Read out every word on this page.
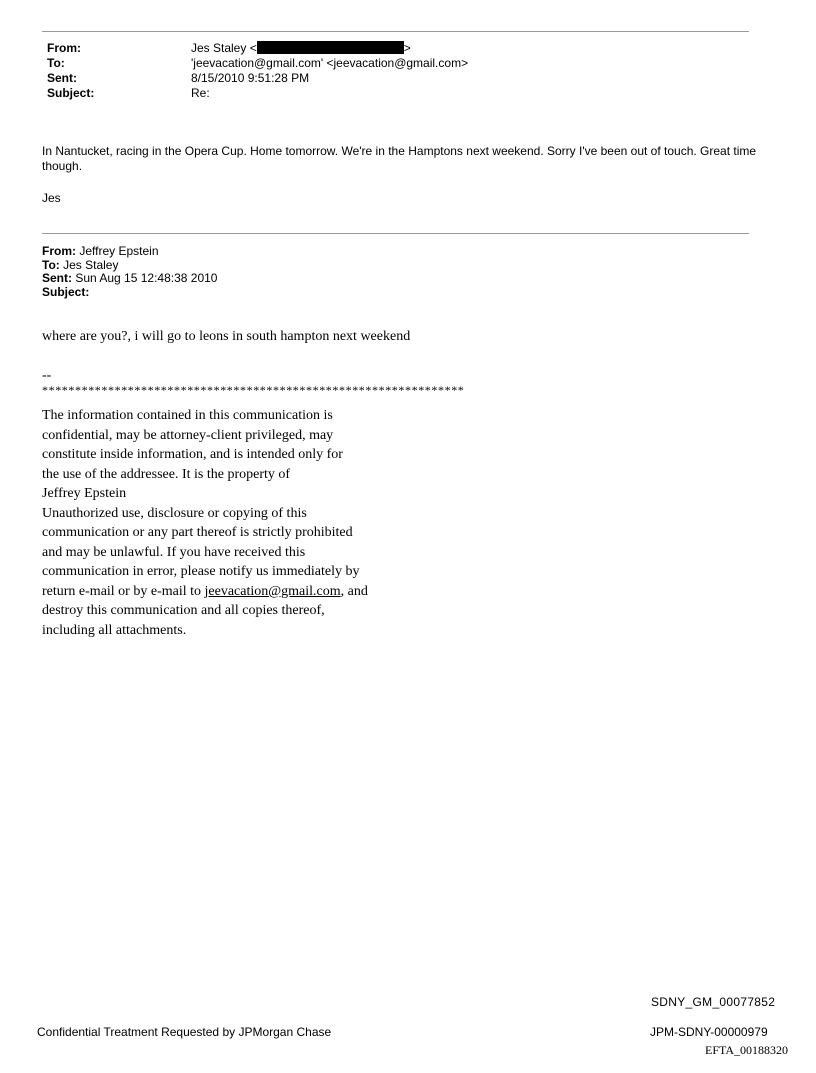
From:	Jes Staley <	>
To:	'jeevacation@gmail.com' <jeevacation@gmail.com>
Sent:	8/15/2010 9:51:28 PM
Subject:	Re:
In Nantucket, racing in the Opera Cup. Home tomorrow. We're in the Hamptons next weekend. Sorry I've been out of touch. Great time though.
Jes
From: Jeffrey Epstein
To: Jes Staley
Sent: Sun Aug 15 12:48:38 2010
Subject:
where are you?, i will go to leons in south hampton next weekend
--
****************************************************************
The information contained in this communication is
confidential, may be attorney-client privileged, may
constitute inside information, and is intended only for
the use of the addressee. It is the property of
Jeffrey Epstein
Unauthorized use, disclosure or copying of this
communication or any part thereof is strictly prohibited
and may be unlawful. If you have received this
communication in error, please notify us immediately by
return e-mail or by e-mail to jeevacation@gmail.com, and
destroy this communication and all copies thereof,
including all attachments.
SDNY_GM_00077852
Confidential Treatment Requested by JPMorgan Chase	JPM-SDNY-00000979
EFTA_00188320
